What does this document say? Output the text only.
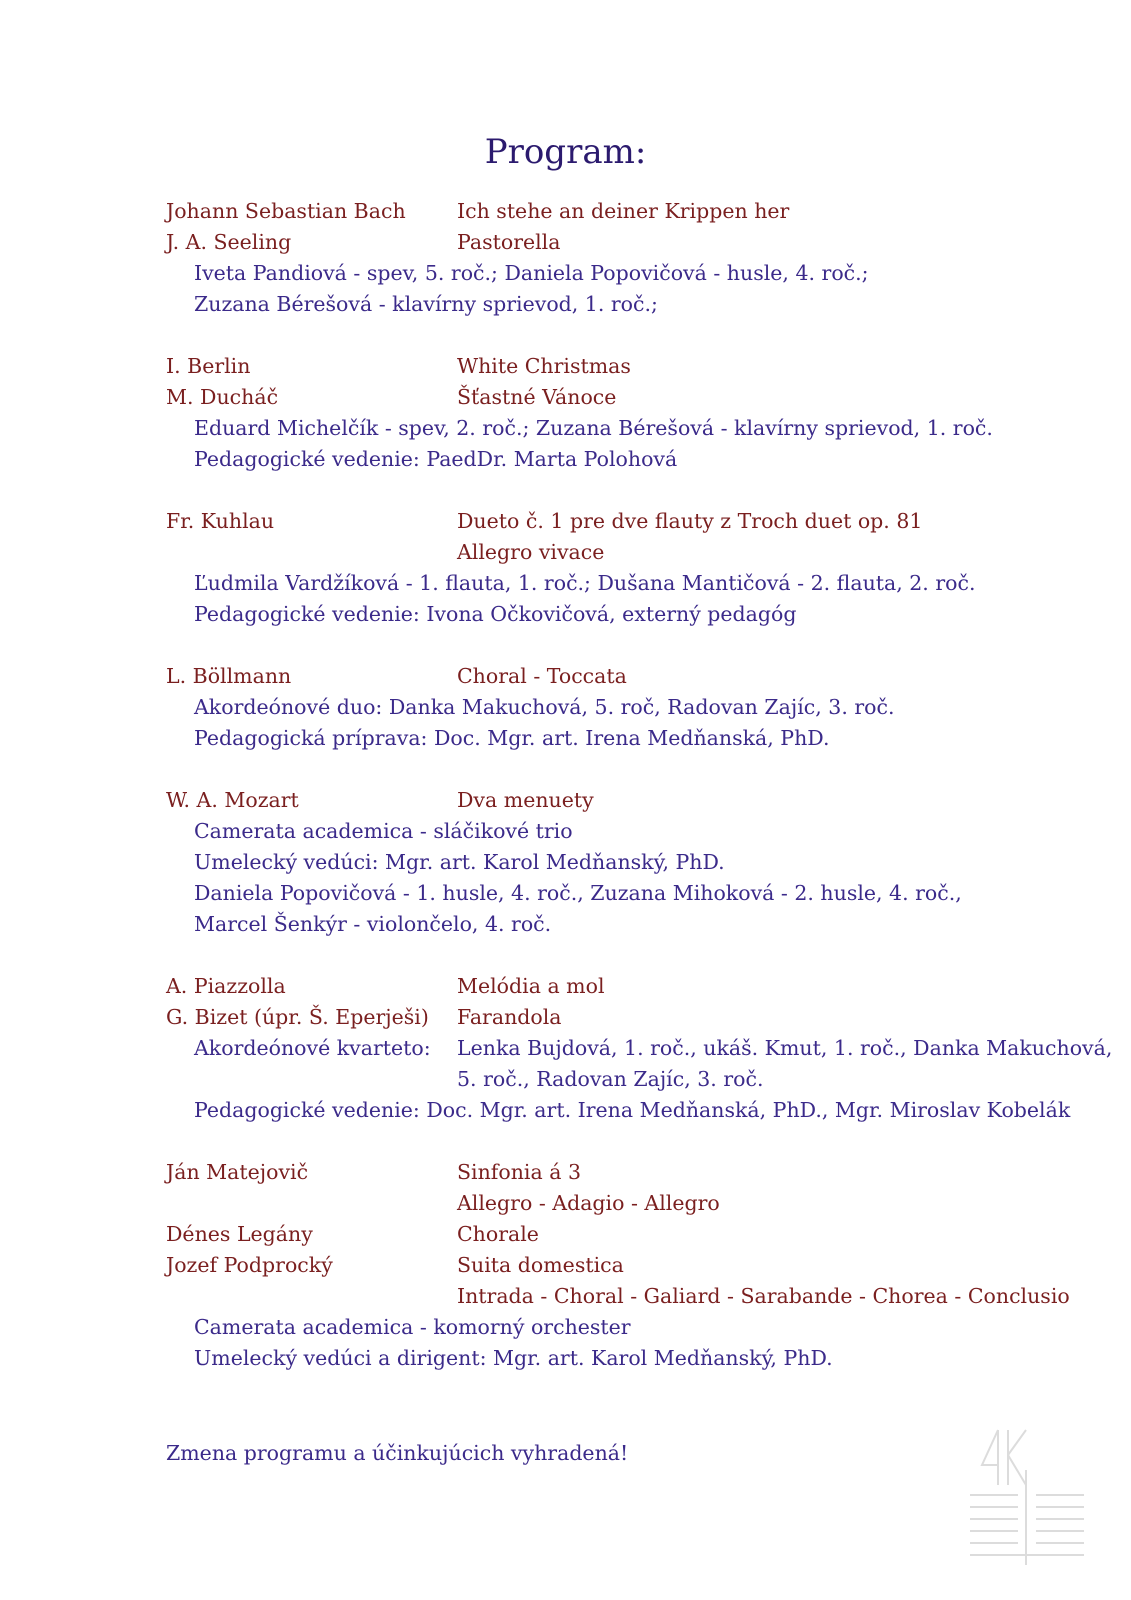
Program:
Johann Sebastian Bach	Ich stehe an deiner Krippen her
J. A. Seeling	Pastorella
Iveta Pandiová - spev, 5. roč.; Daniela Popovičová - husle, 4. roč.;
Zuzana Bérešová - klavírny sprievod, 1. roč.;
I. Berlin	White Christmas
M. Ducháč	Šťastné Vánoce
Eduard Michelčík - spev, 2. roč.; Zuzana Bérešová - klavírny sprievod, 1. roč.
Pedagogické vedenie: PaedDr. Marta Polohová
Fr. Kuhlau	Dueto č. 1 pre dve flauty z Troch duet op. 81
Allegro vivace
Ľudmila Vardžíková - 1. flauta, 1. roč.; Dušana Mantičová - 2. flauta, 2. roč.
Pedagogické vedenie: Ivona Očkovičová, externý pedagóg
L. Böllmann	Choral - Toccata
Akordeónové duo: Danka Makuchová, 5. roč, Radovan Zajíc, 3. roč.
Pedagogická príprava: Doc. Mgr. art. Irena Medňanská, PhD.
W. A. Mozart	Dva menuety
Camerata academica - sláčikové trio
Umelecký vedúci: Mgr. art. Karol Medňanský, PhD.
Daniela Popovičová - 1. husle, 4. roč., Zuzana Mihoková - 2. husle, 4. roč.,
Marcel Šenkýr - violončelo, 4. roč.
A. Piazzolla	Melódia a mol
G. Bizet (úpr. Š. Eperješi) Farandola
Akordeónové kvarteto: Lenka Bujdová, 1. roč., ukáš. Kmut, 1. roč., Danka Makuchová,
5. roč., Radovan Zajíc, 3. roč.
Pedagogické vedenie: Doc. Mgr. art. Irena Medňanská, PhD., Mgr. Miroslav Kobelák
Ján Matejovič	Sinfonia á 3
Allegro - Adagio - Allegro
Dénes Legány	Chorale
Jozef Podprocký	Suita domestica
Intrada - Choral - Galiard - Sarabande - Chorea - Conclusio
Camerata academica - komorný orchester
Umelecký vedúci a dirigent: Mgr. art. Karol Medňanský, PhD.
Zmena programu a účinkujúcich vyhradená!
